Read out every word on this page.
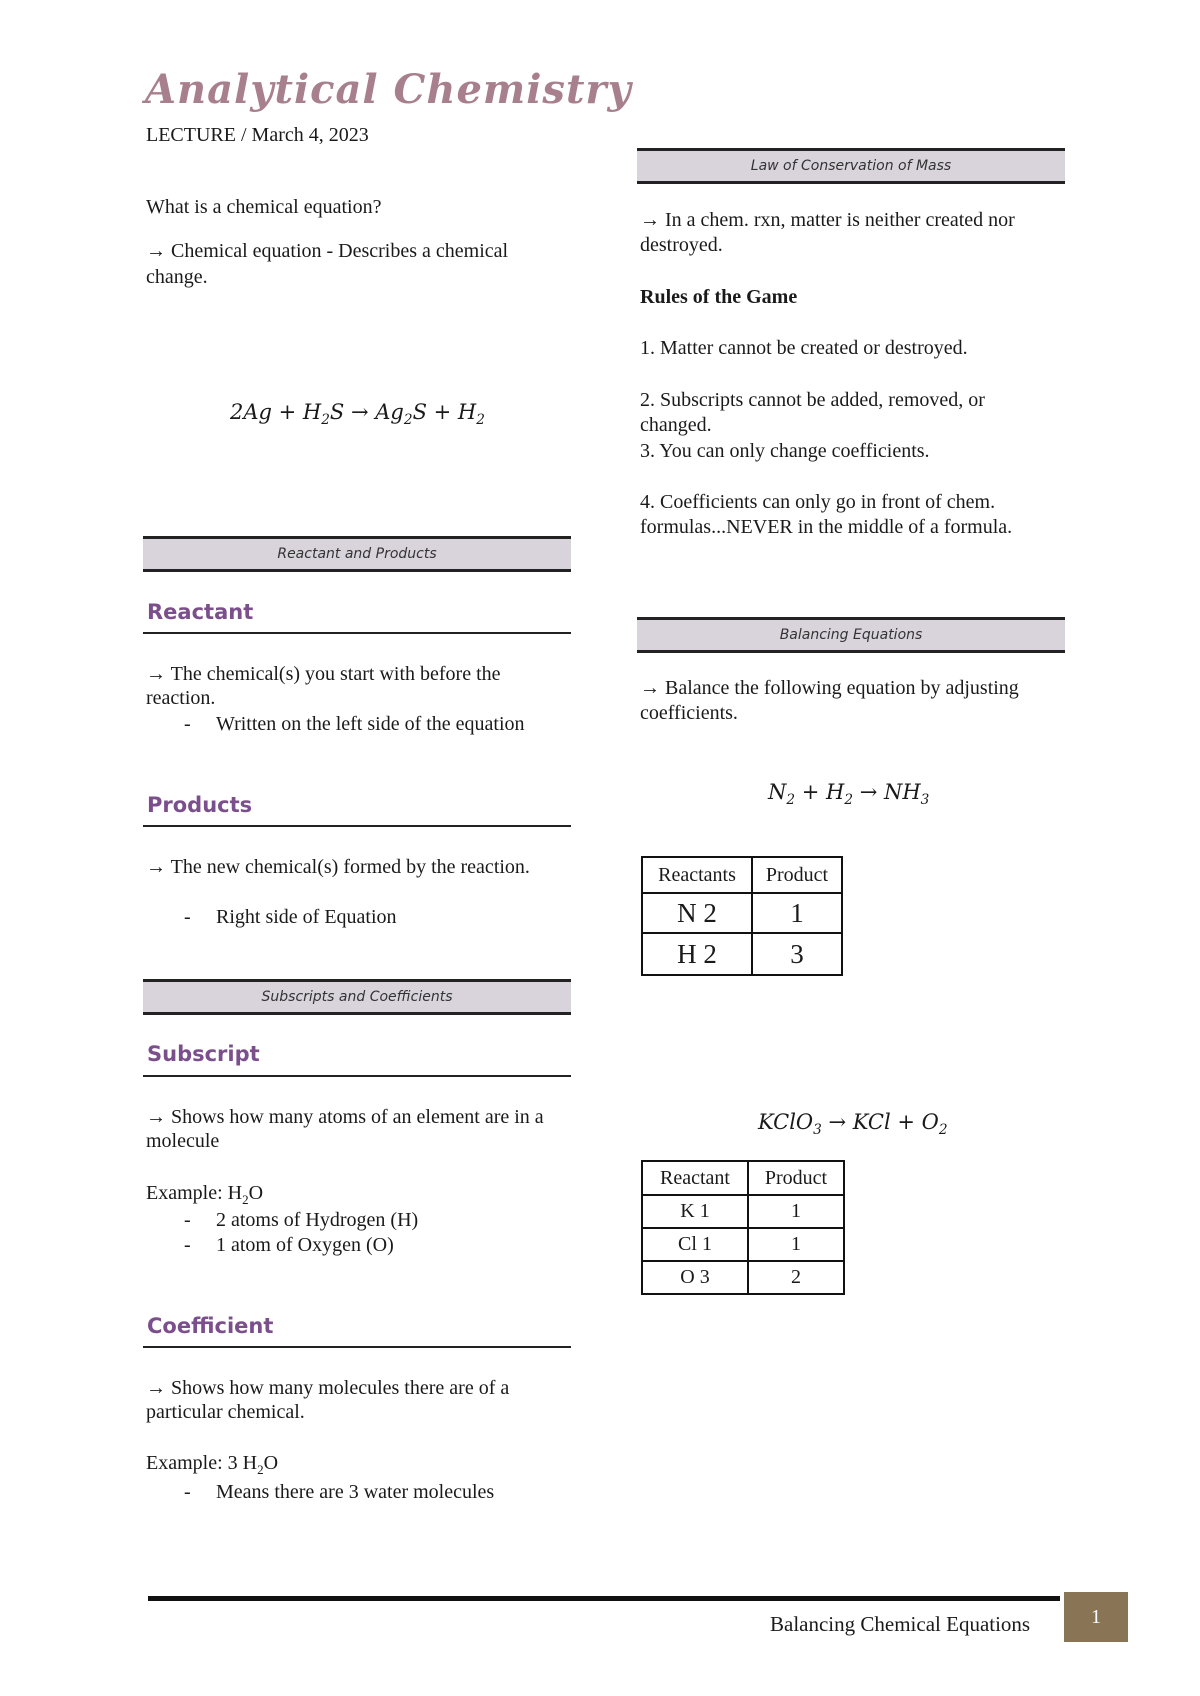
Analytical Chemistry
LECTURE / March 4, 2023
What is a chemical equation?
→ Chemical equation - Describes a chemical change.
$2Ag + H_2S \to Ag_2S + H_2$
Reactant and Products
Reactant
→ The chemical(s) you start with before the reaction.
- Written on the left side of the equation
Products
→ The new chemical(s) formed by the reaction.
- Right side of Equation
Subscripts and Coefficients
Subscript
→ Shows how many atoms of an element are in a molecule
Example: $H_2O$
- 2 atoms of Hydrogen (H)
- 1 atom of Oxygen (O)
Coefficient
→ Shows how many molecules there are of a particular chemical.
Example: 3 $H_2O$
- Means there are 3 water molecules
Law of Conservation of Mass
→ In a chem. rxn, matter is neither created nor destroyed.
Rules of the Game
1. Matter cannot be created or destroyed.
2. Subscripts cannot be added, removed, or changed.
3. You can only change coefficients.
4. Coefficients can only go in front of chem. formulas...NEVER in the middle of a formula.
Balancing Equations
→ Balance the following equation by adjusting coefficients.
$N_2 + H_2 \to NH_3$
Reactants	Product
N 2	1
H 2	3
KClO$_3$ → KCl + $O_2$
Reactant	Product
K 1	1
Cl 1	1
O 3	2
Balancing Chemical Equations	1
